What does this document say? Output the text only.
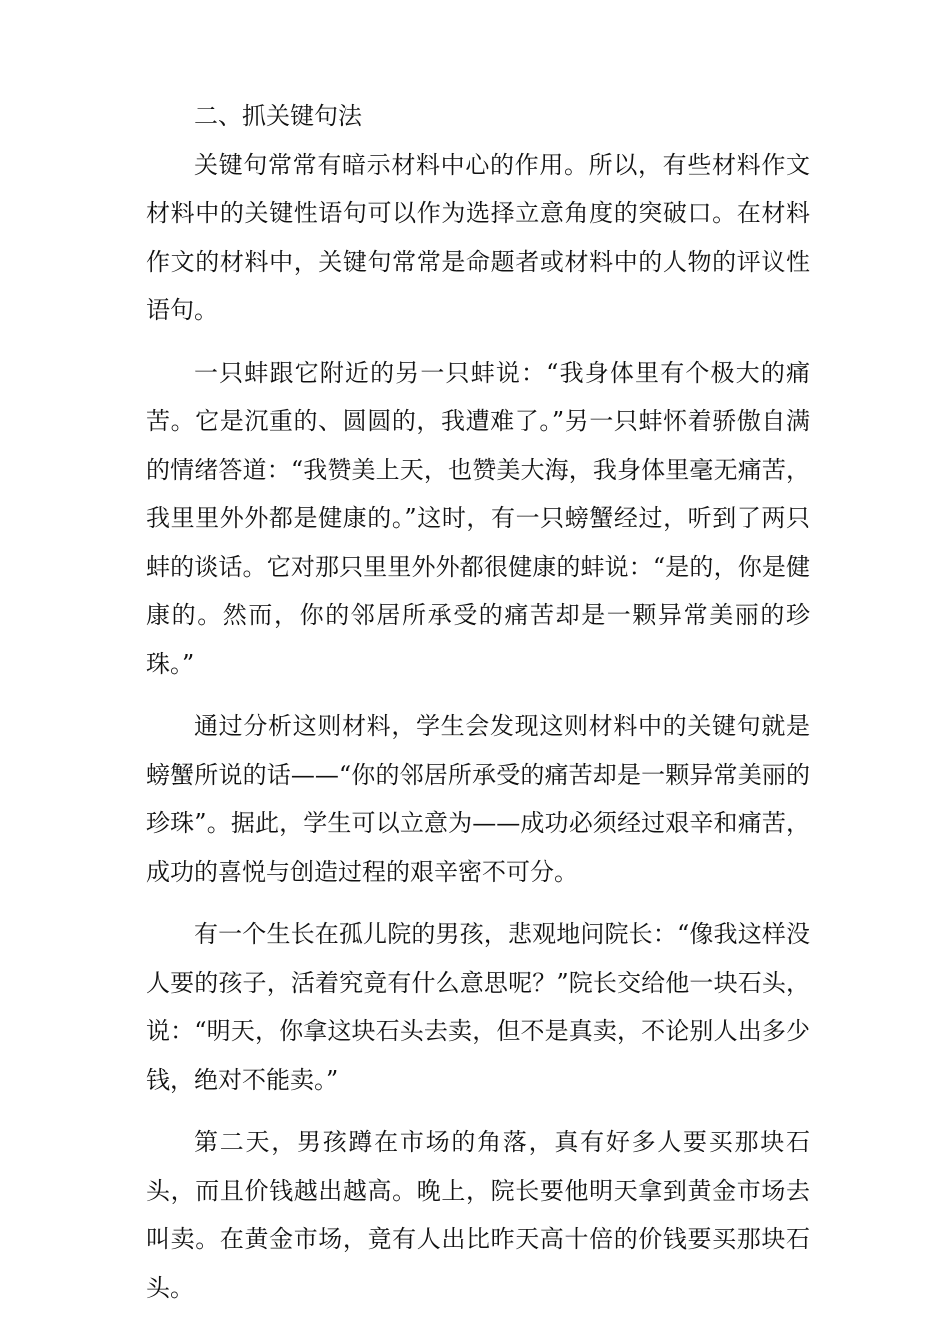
二、抓关键句法

关键句常常有暗示材料中心的作用。所以，有些材料作文材料中的关键性语句可以作为选择立意角度的突破口。在材料作文的材料中，关键句常常是命题者或材料中的人物的评议性语句。

一只蚌跟它附近的另一只蚌说：“我身体里有个极大的痛苦。它是沉重的、圆圆的，我遭难了。”另一只蚌怀着骄傲自满的情绪答道：“我赞美上天，也赞美大海，我身体里毫无痛苦，我里里外外都是健康的。”这时，有一只螃蟹经过，听到了两只蚌的谈话。它对那只里里外外都很健康的蚌说：“是的，你是健康的。然而，你的邻居所承受的痛苦却是一颗异常美丽的珍珠。”

通过分析这则材料，学生会发现这则材料中的关键句就是螃蟹所说的话——“你的邻居所承受的痛苦却是一颗异常美丽的珍珠”。据此，学生可以立意为——成功必须经过艰辛和痛苦，成功的喜悦与创造过程的艰辛密不可分。

有一个生长在孤儿院的男孩，悲观地问院长：“像我这样没人要的孩子，活着究竟有什么意思呢？”院长交给他一块石头，说：“明天，你拿这块石头去卖，但不是真卖，不论别人出多少钱，绝对不能卖。”

第二天，男孩蹲在市场的角落，真有好多人要买那块石头，而且价钱越出越高。晚上，院长要他明天拿到黄金市场去叫卖。在黄金市场，竟有人出比昨天高十倍的价钱要买那块石头。
